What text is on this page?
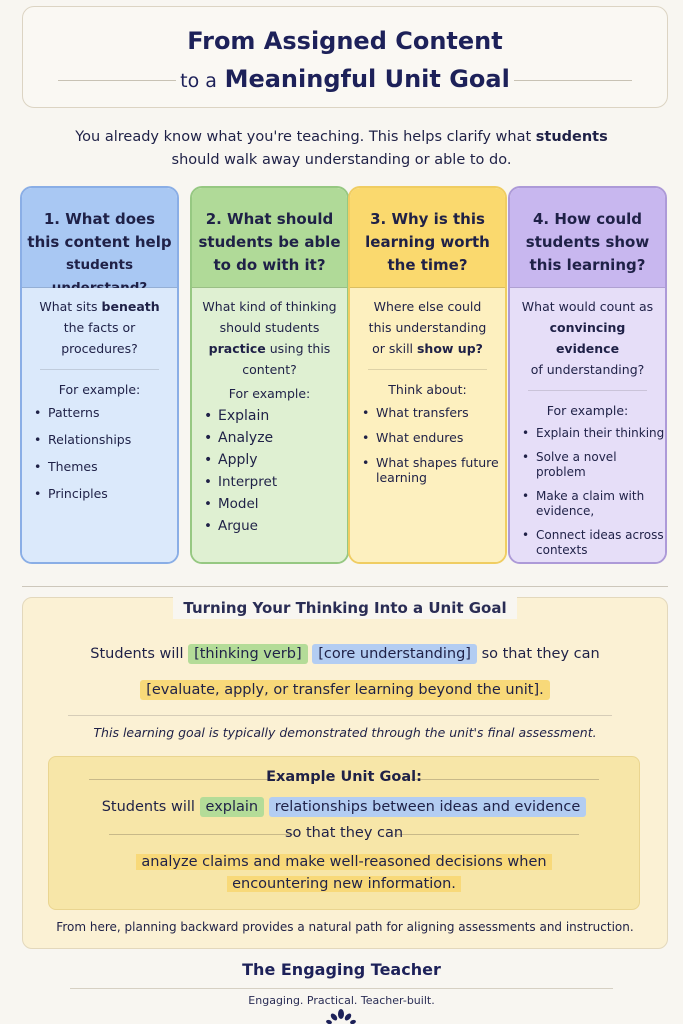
From Assigned Content
to a Meaningful Unit Goal
You already know what you're teaching. This helps clarify what students
should walk away understanding or able to do.
1. What does
this content help
students
What sits beneath
the facts or procedures?
For example:
• Patterns
• Relationships
• Themes
• Principles
2. What should
students be able
to do with it?
What kind of thinking
should students
practice using this
content?
For example:
• Explain
• Analyze
• Apply
• Interpret
• Model
• Argue
3. Why is this
learning worth
the time?
Where else could
this understanding
or skill show up?
Think about:
• What transfers
• What endures
• What shapes future learning
4. How could
students show
this learning?
What would count as
convincing evidence
of understanding?
For example:
• Explain their thinking
• Solve a novel problem
• Make a claim with evidence,
• Connect ideas across contexts
Turning Your Thinking Into a Unit Goal
Students will [thinking verb] [core understanding] so that they can
[evaluate, apply, or transfer learning beyond the unit].
This learning goal is typically demonstrated through the unit's final assessment.
Example Unit Goal:
Students will explain relationships between ideas and evidence
so that they can
analyze claims and make well-reasoned decisions when
encountering new information.
From here, planning backward provides a natural path for aligning assessments and instruction.
The Engaging Teacher
Engaging. Practical. Teacher-built.
